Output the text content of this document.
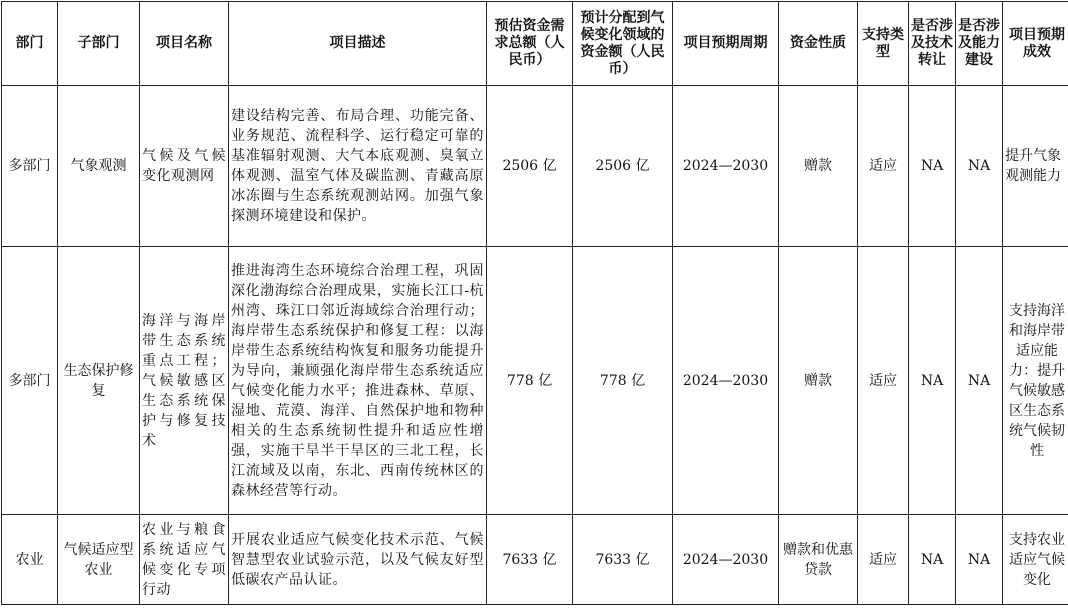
部门	子部门	项目名称	项目描述	预估资金需求总额（人民币）	预计分配到气候变化领域的资金额（人民币）	项目预期周期	资金性质	支持类型	是否涉及技术转让	是否涉及能力建设	项目预期成效
多部门	气象观测	气候及气候变化观测网	建设结构完善、布局合理、功能完备、业务规范、流程科学、运行稳定可靠的基准辐射观测、大气本底观测、臭氧立体观测、温室气体及碳监测、青藏高原冰冻圈与生态系统观测站网。加强气象探测环境建设和保护。	2506 亿	2506 亿	2024—2030	赠款	适应	NA	NA	提升气象观测能力
多部门	生态保护修复	海洋与海岸带生态系统重点工程；气候敏感区生态系统保护与修复技术	推进海湾生态环境综合治理工程，巩固深化渤海综合治理成果，实施长江口-杭州湾、珠江口邻近海域综合治理行动；海岸带生态系统保护和修复工程：以海岸带生态系统结构恢复和服务功能提升为导向，兼顾强化海岸带生态系统适应气候变化能力水平；推进森林、草原、湿地、荒漠、海洋、自然保护地和物种相关的生态系统韧性提升和适应性增强，实施干旱半干旱区的三北工程，长江流域及以南，东北、西南传统林区的森林经营等行动。	778 亿	778 亿	2024—2030	赠款	适应	NA	NA	支持海洋和海岸带适应能力：提升气候敏感区生态系统气候韧性
农业	气候适应型农业	农业与粮食系统适应气候变化专项行动	开展农业适应气候变化技术示范、气候智慧型农业试验示范，以及气候友好型低碳农产品认证。	7633 亿	7633 亿	2024—2030	赠款和优惠贷款	适应	NA	NA	支持农业适应气候变化
